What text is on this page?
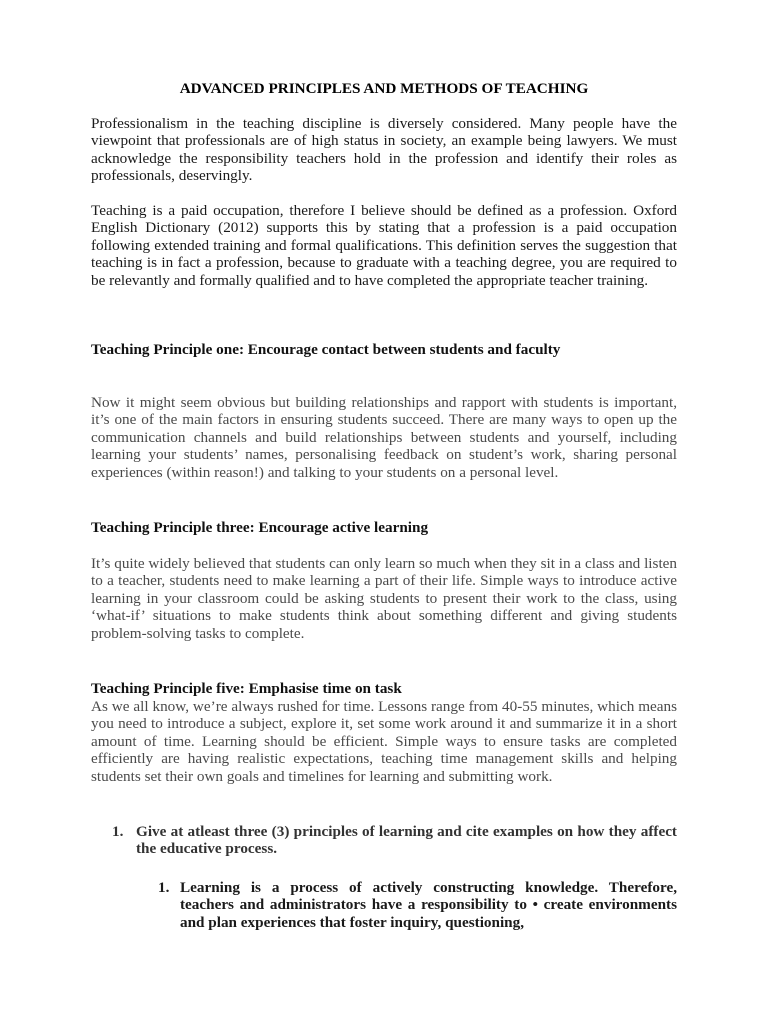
ADVANCED PRINCIPLES AND METHODS OF TEACHING

Professionalism in the teaching discipline is diversely considered. Many people have the viewpoint that professionals are of high status in society, an example being lawyers. We must acknowledge the responsibility teachers hold in the profession and identify their roles as professionals, deservingly.

Teaching is a paid occupation, therefore I believe should be defined as a profession. Oxford English Dictionary (2012) supports this by stating that a profession is a paid occupation following extended training and formal qualifications. This definition serves the suggestion that teaching is in fact a profession, because to graduate with a teaching degree, you are required to be relevantly and formally qualified and to have completed the appropriate teacher training.

Teaching Principle one: Encourage contact between students and faculty

Now it might seem obvious but building relationships and rapport with students is important, it’s one of the main factors in ensuring students succeed. There are many ways to open up the communication channels and build relationships between students and yourself, including learning your students’ names, personalising feedback on student’s work, sharing personal experiences (within reason!) and talking to your students on a personal level.

Teaching Principle three: Encourage active learning

It’s quite widely believed that students can only learn so much when they sit in a class and listen to a teacher, students need to make learning a part of their life. Simple ways to introduce active learning in your classroom could be asking students to present their work to the class, using ‘what-if’ situations to make students think about something different and giving students problem-solving tasks to complete.

Teaching Principle five: Emphasise time on task

As we all know, we’re always rushed for time. Lessons range from 40-55 minutes, which means you need to introduce a subject, explore it, set some work around it and summarize it in a short amount of time. Learning should be efficient. Simple ways to ensure tasks are completed efficiently are having realistic expectations, teaching time management skills and helping students set their own goals and timelines for learning and submitting work.

1. Give at atleast three (3) principles of learning and cite examples on how they affect the educative process.
1. Learning is a process of actively constructing knowledge. Therefore, teachers and administrators have a responsibility to • create environments and plan experiences that foster inquiry, questioning,
